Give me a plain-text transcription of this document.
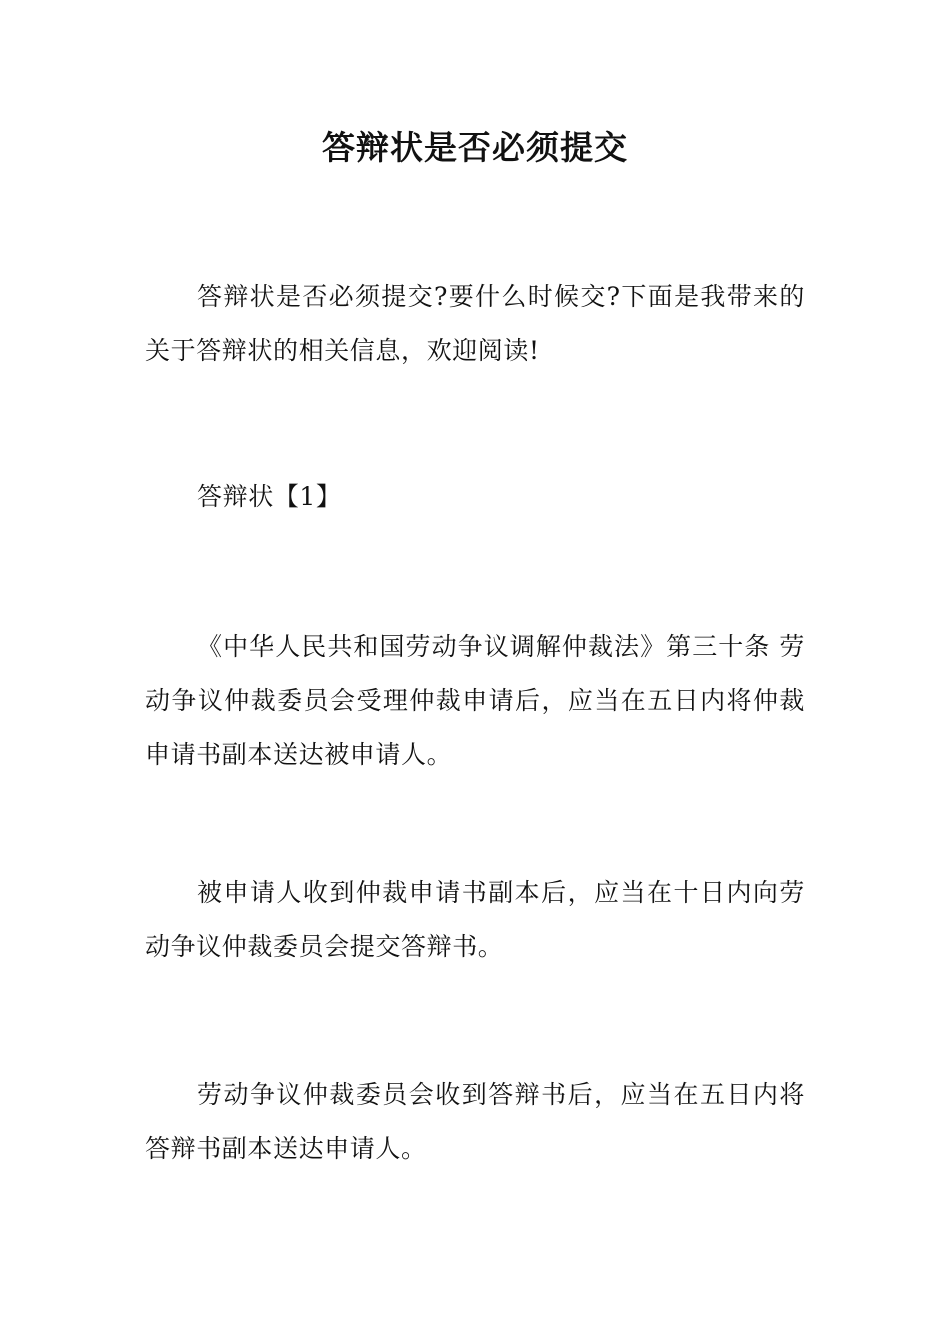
答辩状是否必须提交

答辩状是否必须提交?要什么时候交?下面是我带来的关于答辩状的相关信息，欢迎阅读!

答辩状【1】

《中华人民共和国劳动争议调解仲裁法》第三十条 劳动争议仲裁委员会受理仲裁申请后，应当在五日内将仲裁申请书副本送达被申请人。

被申请人收到仲裁申请书副本后，应当在十日内向劳动争议仲裁委员会提交答辩书。

劳动争议仲裁委员会收到答辩书后，应当在五日内将答辩书副本送达申请人。
